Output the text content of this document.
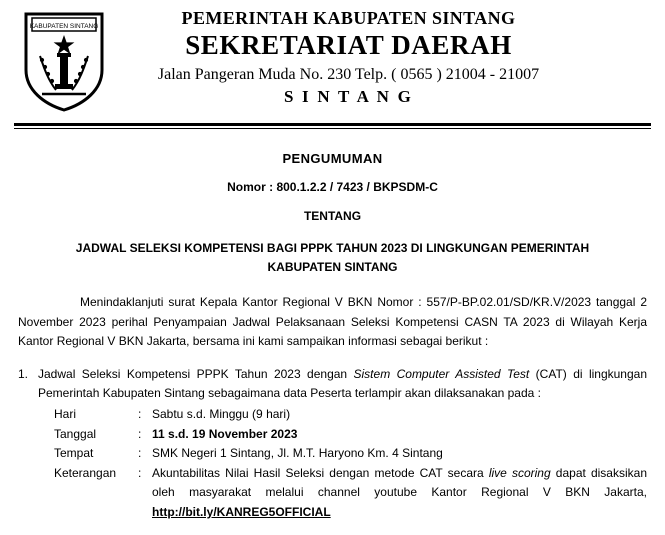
KABUPATEN SINTANG	PEMERINTAH KABUPATEN SINTANG
SEKRETARIAT DAERAH
Jalan Pangeran Muda No. 230 Telp. ( 0565 ) 21004 - 21007
S I N T A N G
PENGUMUMAN
Nomor : 800.1.2.2 / 7423 / BKPSDM-C
TENTANG
JADWAL SELEKSI KOMPETENSI BAGI PPPK TAHUN 2023 DI LINGKUNGAN PEMERINTAH KABUPATEN SINTANG
Menindaklanjuti surat Kepala Kantor Regional V BKN Nomor : 557/P-BP.02.01/SD/KR.V/2023 tanggal 2 November 2023 perihal Penyampaian Jadwal Pelaksanaan Seleksi Kompetensi CASN TA 2023 di Wilayah Kerja Kantor Regional V BKN Jakarta, bersama ini kami sampaikan informasi sebagai berikut :
1. Jadwal Seleksi Kompetensi PPPK Tahun 2023 dengan Sistem Computer Assisted Test (CAT) di lingkungan Pemerintah Kabupaten Sintang sebagaimana data Peserta terlampir akan dilaksanakan pada :
Hari	:	Sabtu s.d. Minggu (9 hari)
Tanggal	:	11 s.d. 19 November 2023
Tempat	:	SMK Negeri 1 Sintang, Jl. M.T. Haryono Km. 4 Sintang
Keterangan	:	Akuntabilitas Nilai Hasil Seleksi dengan metode CAT secara live scoring dapat disaksikan oleh masyarakat melalui channel youtube Kantor Regional V BKN Jakarta, http://bit.ly/KANREG5OFFICIAL
